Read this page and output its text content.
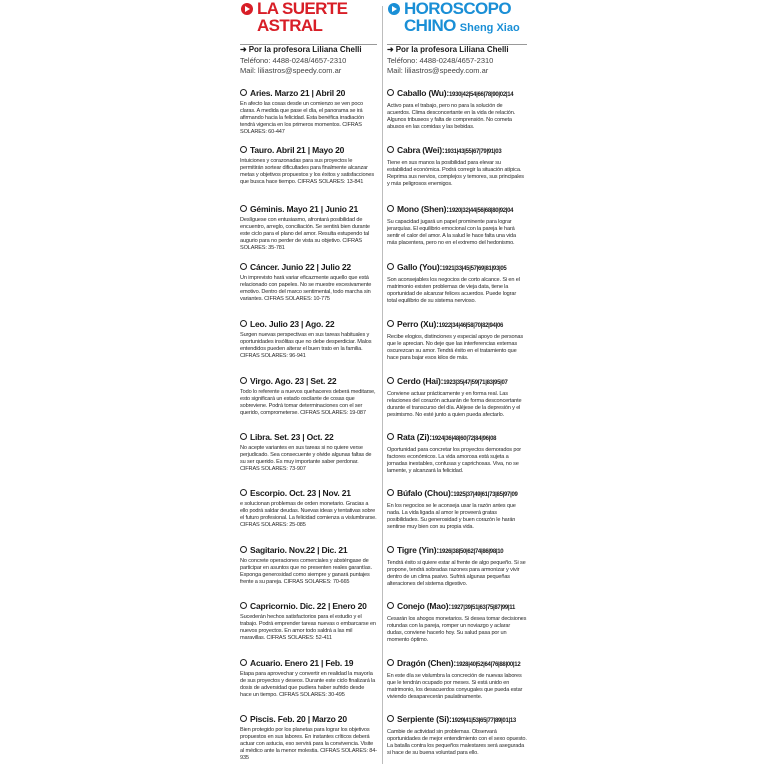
LA SUERTE
ASTRAL
➜ Por la profesora Liliana Chelli
Teléfono: 4488-0248/4657-2310
Mail: liliastros@speedy.com.ar
Aries. Marzo 21 | Abril 20
En afecto las cosas desde un comienzo se ven poco claras. A medida que pase el día, el panorama se irá afirmando hacia la felicidad. Esta benéfica irradiación tendrá vigencia en los primeros momentos. CIFRAS SOLARES: 60-447
Tauro. Abril 21 | Mayo 20
Intuiciones y corazonadas para sus proyectos le permitirán sortear dificultades para finalmente alcanzar metas y objetivos propuestos y los éxitos y satisfacciones que busca hace tiempo. CIFRAS SOLARES: 13-841
Géminis. Mayo 21 | Junio 21
Deslíguese con entusiasmo, afrontará posibilidad de encuentro, arreglo, conciliación. Se sentirá bien durante este ciclo para el plano del amor. Resulta estupendo tal augurio para no perder de vista su objetivo. CIFRAS SOLARES: 35-781
Cáncer. Junio 22 | Julio 22
Un imprevisto hará variar eficazmente aquello que está relacionado con papeles. No se muestre excesivamente emotivo. Dentro del marco sentimental, todo marcha sin variantes. CIFRAS SOLARES: 10-775
Leo. Julio 23 | Ago. 22
Surgen nuevas perspectivas en sus tareas habituales y oportunidades insólitas que no debe desperdiciar. Malos entendidos pueden alterar el buen trato en la familia. CIFRAS SOLARES: 96-941
Virgo. Ago. 23 | Set. 22
Todo lo referente a nuevos quehaceres deberá meditarse, esto significará un estado oscilante de cosas que sobreviene. Podrá tomar determinaciones con el ser querido, comprometerse. CIFRAS SOLARES: 19-087
Libra. Set. 23 | Oct. 22
No acepte variantes en sus tareas si no quiere verse perjudicado. Sea consecuente y olvide algunas faltas de su ser querido. Es muy importante saber perdonar. CIFRAS SOLARES: 73-907
Escorpio. Oct. 23 | Nov. 21
e solucionan problemas de orden monetario. Gracias a ello podrá saldar deudas. Nuevas ideas y tentativas sobre el futuro profesional. La felicidad comienza a vislumbrarse. CIFRAS SOLARES: 25-085
Sagitario. Nov.22 | Dic. 21
No concrete operaciones comerciales y absténgase de participar en asuntos que no presenten reales garantías. Exponga generosidad como siempre y ganará puntajes frente a su pareja. CIFRAS SOLARES: 70-665
Capricornio. Dic. 22 | Enero 20
Sucederán hechos satisfactorios para el estudio y el trabajo. Podrá emprender tareas nuevas o embarcarse en nuevos proyectos. En amor todo saldrá a las mil maravillas. CIFRAS SOLARES: 52-411
Acuario. Enero 21 | Feb. 19
Etapa para aprovechar y convertir en realidad la mayoría de sus proyectos y deseos. Durante este ciclo finalizará la dosis de adversidad que pudiera haber sufrido desde hace un tiempo. CIFRAS SOLARES: 30-495
Piscis. Feb. 20 | Marzo 20
Bien protegido por los planetas para lograr los objetivos propuestos en sus labores. En instantes críticos deberá actuar con astucia, eso servirá para la convivencia. Visite al médico ante la menor molestia. CIFRAS SOLARES: 84-935
HOROSCOPO
CHINO Sheng Xiao
➜ Por la profesora Liliana Chelli
Teléfono: 4488-0248/4657-2310
Mail: liliastros@speedy.com.ar
Caballo (Wu):1930|42|54|66|78|90|02|14
Activo para el trabajo, pero no para la solución de acuerdos. Clima desconcertante en la vida de relación. Algunos tribuseos y falta de comprensión. No cometa abusos en las comidas y las bebidas.
Cabra (Wei):1931|43|55|67|79|91|03
Tiene en sus manos la posibilidad para elevar su estabilidad económica. Podrá corregir la situación atípica. Reprima sus nervios, complejos y temores, sus principales y más peligrosos enemigos.
Mono (Shen):1920|32|44|56|68|80|92|04
Su capacidad jugará un papel prominente para lograr jerarquías. El equilibrio emocional con la pareja le hará sentir el calor del amor. A la salud le hace falta una vida más placentera, pero no en el extremo del hedonismo.
Gallo (You):1921|33|45|57|69|81|93|05
Son aconsejables los negocios de corto alcance. Si en el matrimonio existen problemas de vieja data, tiene la oportunidad de alcanzar felices acuerdos. Puede lograr total equilibrio de su sistema nervioso.
Perro (Xu):1922|34|46|58|70|82|94|06
Recibe elogios, distinciones y especial apoyo de personas que le aprecian. No deje que las interferencias externas oscurezcan su amor. Tendrá éxito en el tratamiento que hace para bajar esos kilos de más.
Cerdo (Hai):1923|35|47|59|71|83|95|07
Conviene actuar prácticamente y en forma real. Las relaciones del corazón actuarán de forma desconcertante durante el transcurso del día. Aléjese de la depresión y el pesimismo. No esté junto a quien pueda afectarlo.
Rata (Zi):1924|36|48|60|72|84|96|08
Oportunidad para concretar los proyectos demorados por factores económicos. La vida amorosa está sujeta a jornadas inestables, confusas y caprichosas. Viva, no se lamente, y alcanzará la felicidad.
Búfalo (Chou):1925|37|49|61|73|85|97|09
En los negocios se le aconseja usar la razón antes que nada. La vida ligada al amor le proveerá gratas posibilidades. Su generosidad y buen corazón le harán sentirse muy bien con su propia vida.
Tigre (Yin):1926|38|50|62|74|86|98|10
Tendrá éxito si quiere estar al frente de algo pequeño. Si se propone, tendrá sobradas razones para armonizar y vivir dentro de un clima pasivo. Sufrirá algunas pequeñas alteraciones del sistema digestivo.
Conejo (Mao):1927|39|51|63|75|87|99|11
Cesarán los ahogos monetarios. Si desea tomar decisiones rotundas con la pareja, romper un noviazgo y aclarar dudas, conviene hacerlo hoy. Su salud pasa por un momento óptimo.
Dragón (Chen):1928|40|52|64|76|88|00|12
En este día se vislumbra la concreción de nuevas labores que le tendrán ocupado por meses. Si está unido en matrimonio, los desacuerdos conyugales que pueda estar viviendo desaparecerán paulatinamente.
Serpiente (Si):1929|41|53|65|77|89|01|13
Cambie de actividad sin problemas. Observará oportunidades de mejor entendimiento con el sexo opuesto. La batalla contra los pequeños malestares será asegurada si hace de su buena voluntad para ello.
